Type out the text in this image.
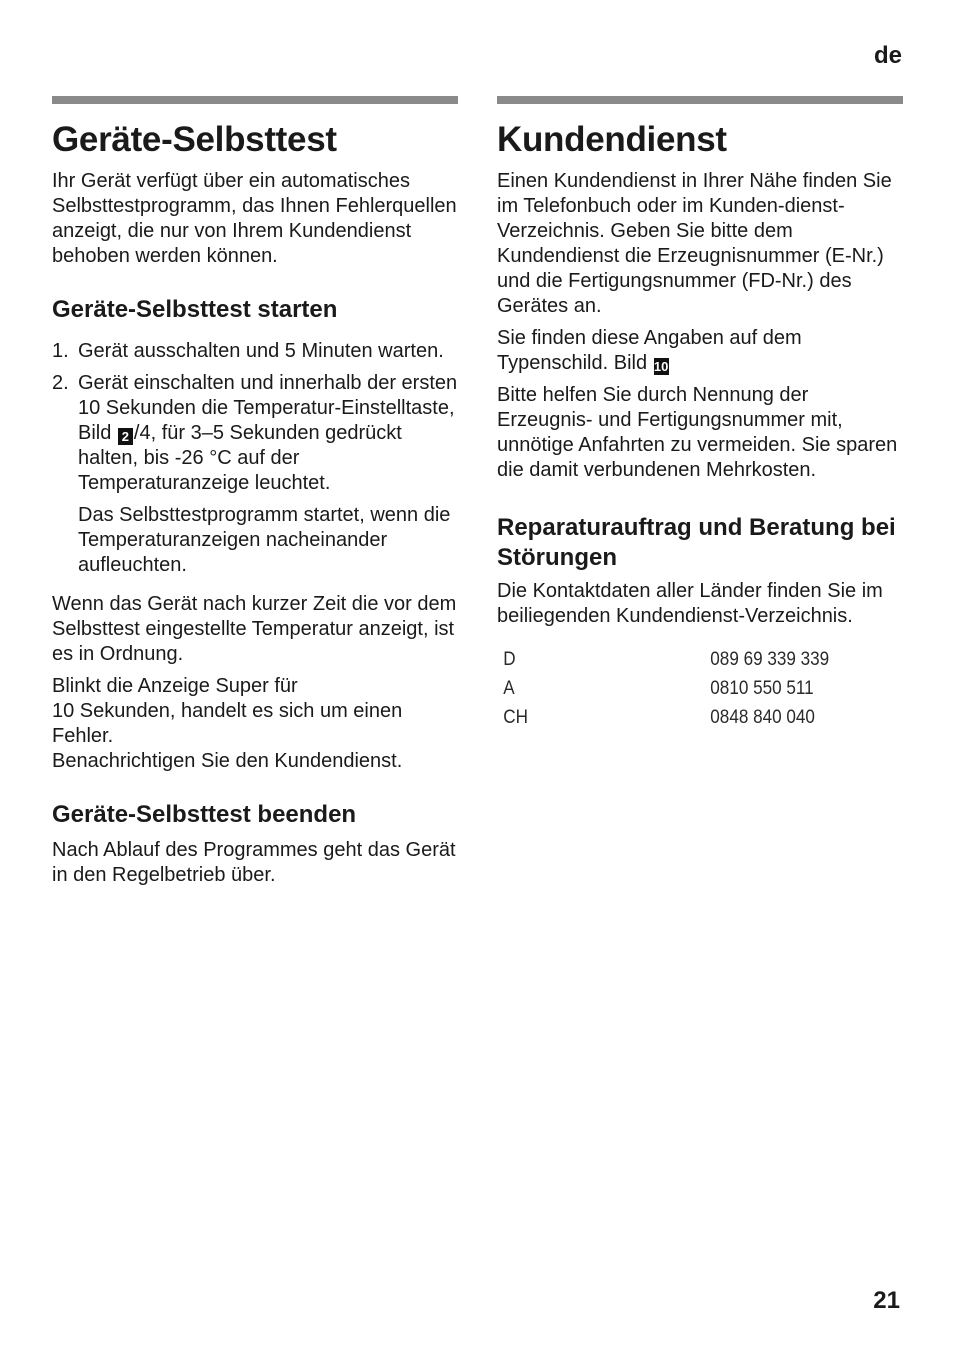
de
Geräte-Selbsttest

Ihr Gerät verfügt über ein automatisches Selbsttestprogramm, das Ihnen Fehlerquellen anzeigt, die nur von Ihrem Kundendienst behoben werden können.

Geräte-Selbsttest starten
1. Gerät ausschalten und 5 Minuten warten.
2. Gerät einschalten und innerhalb der ersten 10 Sekunden die Temperatur-Einstelltaste, Bild 2 /4, für 3–5 Sekunden gedrückt halten, bis -26 °C auf der Temperaturanzeige leuchtet.

Das Selbsttestprogramm startet, wenn die Temperaturanzeigen nacheinander aufleuchten.

Wenn das Gerät nach kurzer Zeit die vor dem Selbsttest eingestellte Temperatur anzeigt, ist es in Ordnung.

Blinkt die Anzeige Super für
10 Sekunden, handelt es sich um einen Fehler.
Benachrichtigen Sie den Kundendienst.

Geräte-Selbsttest beenden

Nach Ablauf des Programmes geht das Gerät in den Regelbetrieb über.

Kundendienst

Einen Kundendienst in Ihrer Nähe finden Sie im Telefonbuch oder im Kunden-dienst-Verzeichnis. Geben Sie bitte dem Kundendienst die Erzeugnisnummer (E-Nr.) und die Fertigungsnummer (FD-Nr.) des Gerätes an.

Sie finden diese Angaben auf dem Typenschild. Bild 10

Bitte helfen Sie durch Nennung der Erzeugnis- und Fertigungsnummer mit, unnötige Anfahrten zu vermeiden. Sie sparen die damit verbundenen Mehrkosten.

Reparaturauftrag und Beratung bei Störungen

Die Kontaktdaten aller Länder finden Sie im beiliegenden Kundendienst-Verzeichnis.

D	089 69 339 339
A	0810 550 511
CH	0848 840 040
21
